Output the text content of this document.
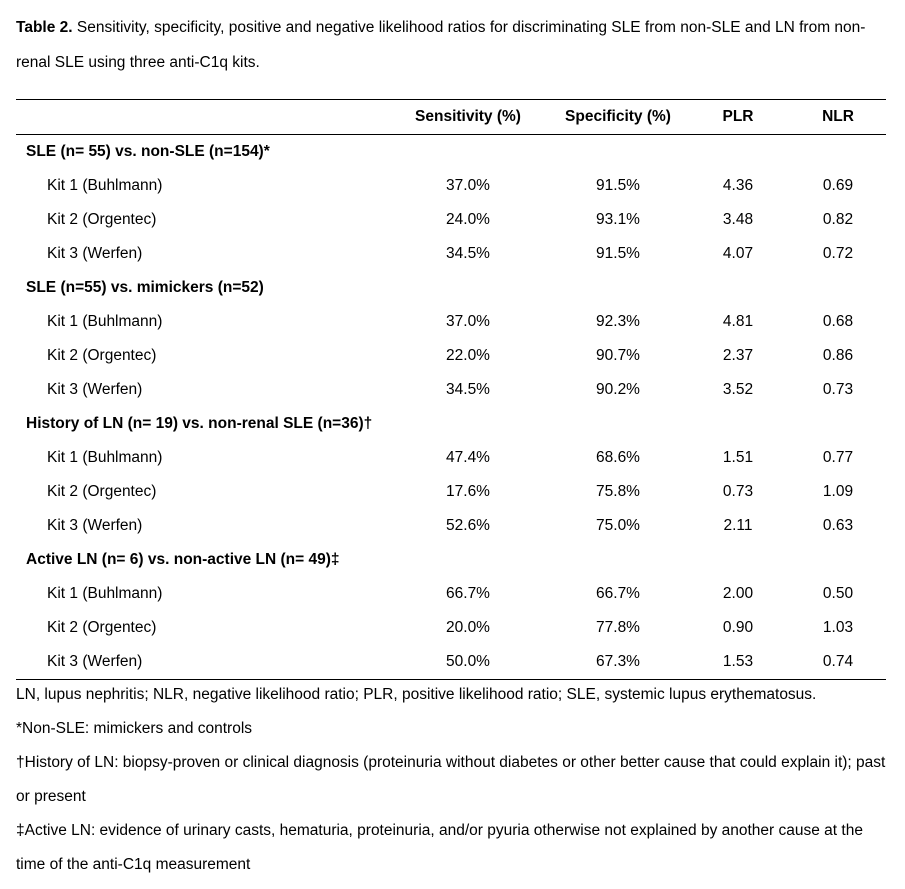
Table 2. Sensitivity, specificity, positive and negative likelihood ratios for discriminating SLE from non-SLE and LN from non-renal SLE using three anti-C1q kits.
	Sensitivity (%)	Specificity (%)	PLR	NLR
SLE (n= 55) vs. non-SLE (n=154)*				
Kit 1 (Buhlmann)	37.0%	91.5%	4.36	0.69
Kit 2 (Orgentec)	24.0%	93.1%	3.48	0.82
Kit 3 (Werfen)	34.5%	91.5%	4.07	0.72
SLE (n=55) vs. mimickers (n=52)				
Kit 1 (Buhlmann)	37.0%	92.3%	4.81	0.68
Kit 2 (Orgentec)	22.0%	90.7%	2.37	0.86
Kit 3 (Werfen)	34.5%	90.2%	3.52	0.73
History of LN (n= 19) vs. non-renal SLE (n=36)†				
Kit 1 (Buhlmann)	47.4%	68.6%	1.51	0.77
Kit 2 (Orgentec)	17.6%	75.8%	0.73	1.09
Kit 3 (Werfen)	52.6%	75.0%	2.11	0.63
Active LN (n= 6) vs. non-active LN (n= 49)‡				
Kit 1 (Buhlmann)	66.7%	66.7%	2.00	0.50
Kit 2 (Orgentec)	20.0%	77.8%	0.90	1.03
Kit 3 (Werfen)	50.0%	67.3%	1.53	0.74

LN, lupus nephritis; NLR, negative likelihood ratio; PLR, positive likelihood ratio; SLE, systemic lupus erythematosus.

*Non-SLE: mimickers and controls

†History of LN: biopsy-proven or clinical diagnosis (proteinuria without diabetes or other better cause that could explain it); past or present

‡Active LN: evidence of urinary casts, hematuria, proteinuria, and/or pyuria otherwise not explained by another cause at the time of the anti-C1q measurement
